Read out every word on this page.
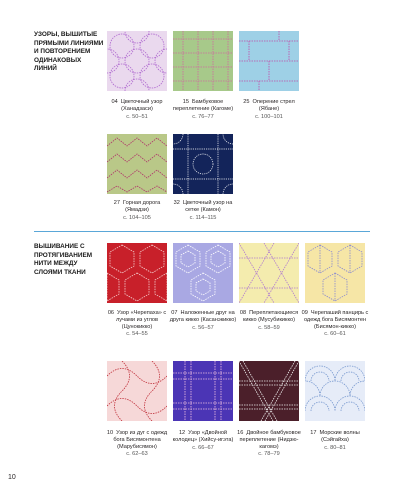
УЗОРЫ, ВЫШИТЫЕ ПРЯМЫМИ ЛИНИЯМИ И ПОВТОРЕНИЕМ ОДИНАКОВЫХ ЛИНИЙ
04 Цветочный узор (Ханадзаси)
с. 50–51
15 Бамбуковое переплетение (Кагоме)
с. 76–77
25 Оперение стрел (Ябане)
с. 100–101
27 Горная дорога (Ямадзи)
с. 104–105
32 Цветочный узор на сетке (Камон)
с. 114–115
ВЫШИВАНИЕ С ПРОТЯГИВАНИЕМ НИТИ МЕЖДУ СЛОЯМИ ТКАНИ
06 Узор «Черепаха» с лучами из углов (Цунокикко)
с. 54–55
07 Наложенные друг на друга кикко (Касанэкикко)
с. 56–57
08 Переплетающиеся кикко (Мусубикикко)
с. 58–59
09 Черепаший панцирь с одежд бога Бисямонтен (Бисямон-кикко)
с. 60–61
10 Узор из дуг с одежд бога Бисямонтена (Марубисямон)
с. 62–63
12 Узор «Двойной колодец» (Хийсу-игэта)
с. 66–67
16 Двойное бамбуковое переплетение (Нидзю-кагомэ)
с. 78–79
17 Морские волны (Сэйгайха)
с. 80–81
10
